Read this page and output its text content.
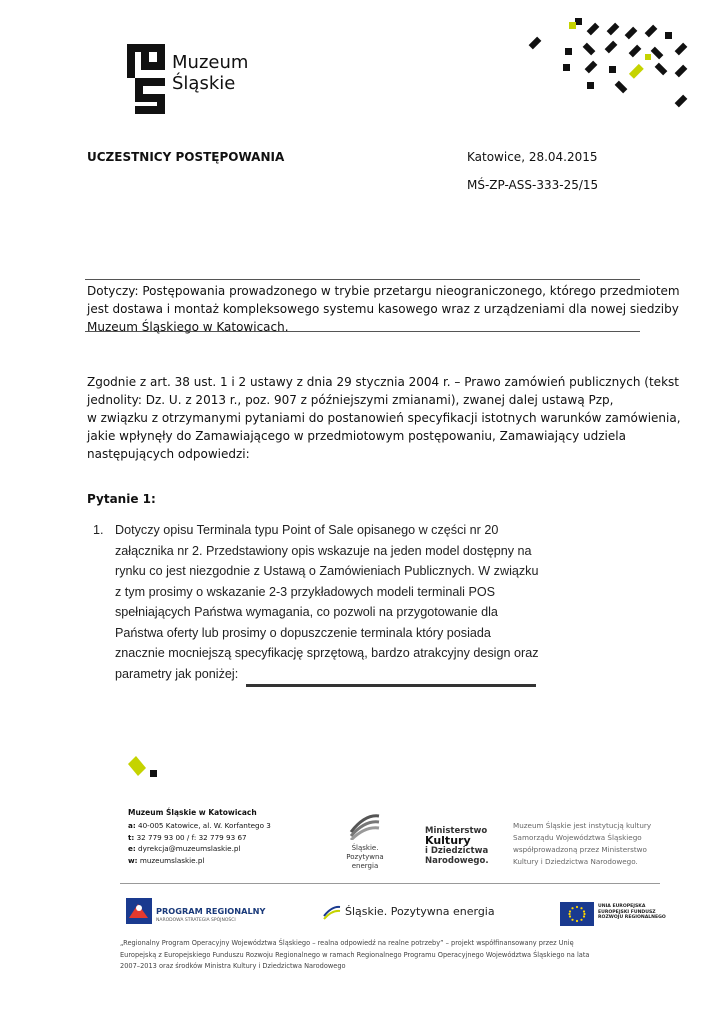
Muzeum
Śląskie
UCZESTNICY POSTĘPOWANIA	Katowice, 28.04.2015
MŚ-ZP-ASS-333-25/15
Dotyczy: Postępowania prowadzonego w trybie przetargu nieograniczonego, którego przedmiotem
jest dostawa i montaż kompleksowego systemu kasowego wraz z urządzeniami dla nowej siedziby
Muzeum Śląskiego w Katowicach.
Zgodnie z art. 38 ust. 1 i 2 ustawy z dnia 29 stycznia 2004 r. – Prawo zamówień publicznych (tekst
jednolity: Dz. U. z 2013 r., poz. 907 z późniejszymi zmianami), zwanej dalej ustawą Pzp,
w związku z otrzymanymi pytaniami do postanowień specyfikacji istotnych warunków zamówienia,
jakie wpłynęły do Zamawiającego w przedmiotowym postępowaniu, Zamawiający udziela
następujących odpowiedzi:
Pytanie 1:
1. Dotyczy opisu Terminala typu Point of Sale opisanego w części nr 20
załącznika nr 2. Przedstawiony opis wskazuje na jeden model dostępny na
rynku co jest niezgodnie z Ustawą o Zamówieniach Publicznych. W związku
z tym prosimy o wskazanie 2-3 przykładowych modeli terminali POS
spełniających Państwa wymagania, co pozwoli na przygotowanie dla
Państwa oferty lub prosimy o dopuszczenie terminala który posiada
znacznie mocniejszą specyfikację sprzętową, bardzo atrakcyjny design oraz
parametry jak poniżej:
Muzeum Śląskie w Katowicach
a: 40-005 Katowice, al. W. Korfantego 3
t: 32 779 93 00 / f: 32 779 93 67
e: dyrekcja@muzeumslaskie.pl
w: muzeumslaskie.pl
Śląskie.
Pozytywna energia
Ministerstwo
Kultury
i Dziedzictwa
Narodowego.
Muzeum Śląskie jest instytucją kultury
Samorządu Województwa Śląskiego
współprowadzoną przez Ministerstwo
Kultury i Dziedzictwa Narodowego.
PROGRAM REGIONALNY
NARODOWA STRATEGIA SPÓJNOŚCI
Śląskie. Pozytywna energia	UNIA EUROPEJSKA
EUROPEJSKI FUNDUSZ
ROZWOJU REGIONALNEGO
„Regionalny Program Operacyjny Województwa Śląskiego – realna odpowiedź na realne potrzeby” – projekt współfinansowany przez Unię
Europejską z Europejskiego Funduszu Rozwoju Regionalnego w ramach Regionalnego Programu Operacyjnego Województwa Śląskiego na lata
2007–2013 oraz środków Ministra Kultury i Dziedzictwa Narodowego
